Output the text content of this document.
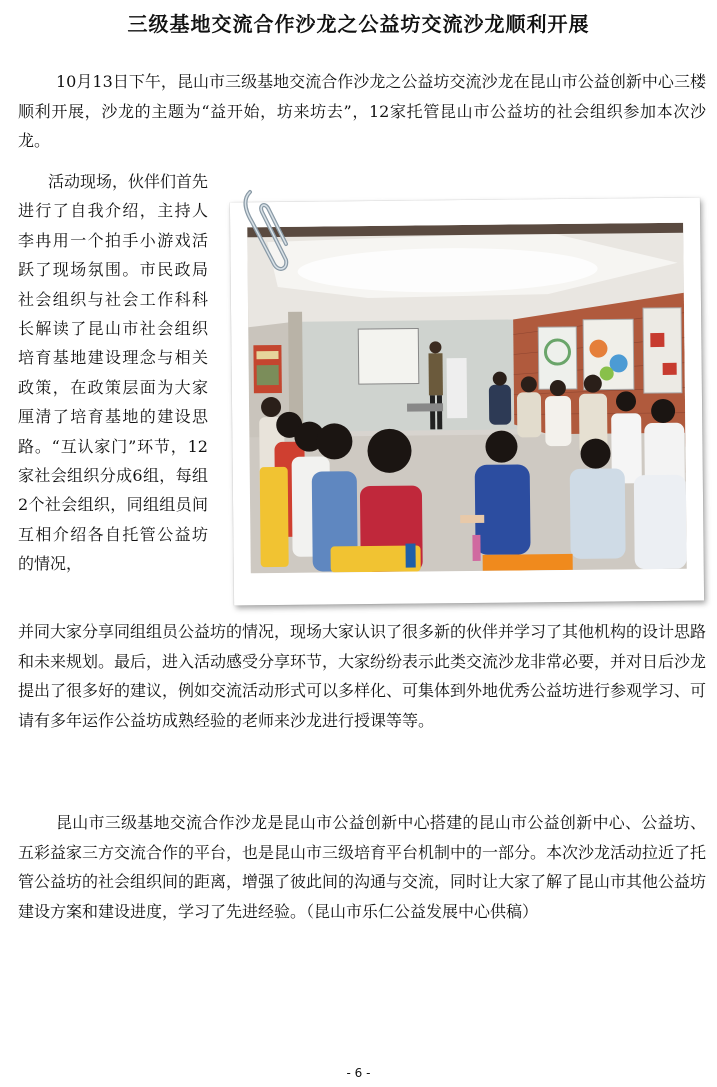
三级基地交流合作沙龙之公益坊交流沙龙顺利开展

10月13日下午，昆山市三级基地交流合作沙龙之公益坊交流沙龙在昆山市公益创新中心三楼顺利开展，沙龙的主题为“益开始，坊来坊去”，12家托管昆山市公益坊的社会组织参加本次沙龙。

活动现场，伙伴们首先进行了自我介绍，主持人李冉用一个拍手小游戏活跃了现场氛围。市民政局社会组织与社会工作科科长解读了昆山市社会组织培育基地建设理念与相关政策，在政策层面为大家厘清了培育基地的建设思路。“互认家门”环节，12家社会组织分成6组，每组2个社会组织，同组组员间互相介绍各自托管公益坊的情况，

并同大家分享同组组员公益坊的情况，现场大家认识了很多新的伙伴并学习了其他机构的设计思路和未来规划。最后，进入活动感受分享环节，大家纷纷表示此类交流沙龙非常必要，并对日后沙龙提出了很多好的建议，例如交流活动形式可以多样化、可集体到外地优秀公益坊进行参观学习、可请有多年运作公益坊成熟经验的老师来沙龙进行授课等等。

昆山市三级基地交流合作沙龙是昆山市公益创新中心搭建的昆山市公益创新中心、公益坊、五彩益家三方交流合作的平台，也是昆山市三级培育平台机制中的一部分。本次沙龙活动拉近了托管公益坊的社会组织间的距离，增强了彼此间的沟通与交流，同时让大家了解了昆山市其他公益坊建设方案和建设进度，学习了先进经验。（昆山市乐仁公益发展中心供稿）

- 6 -
